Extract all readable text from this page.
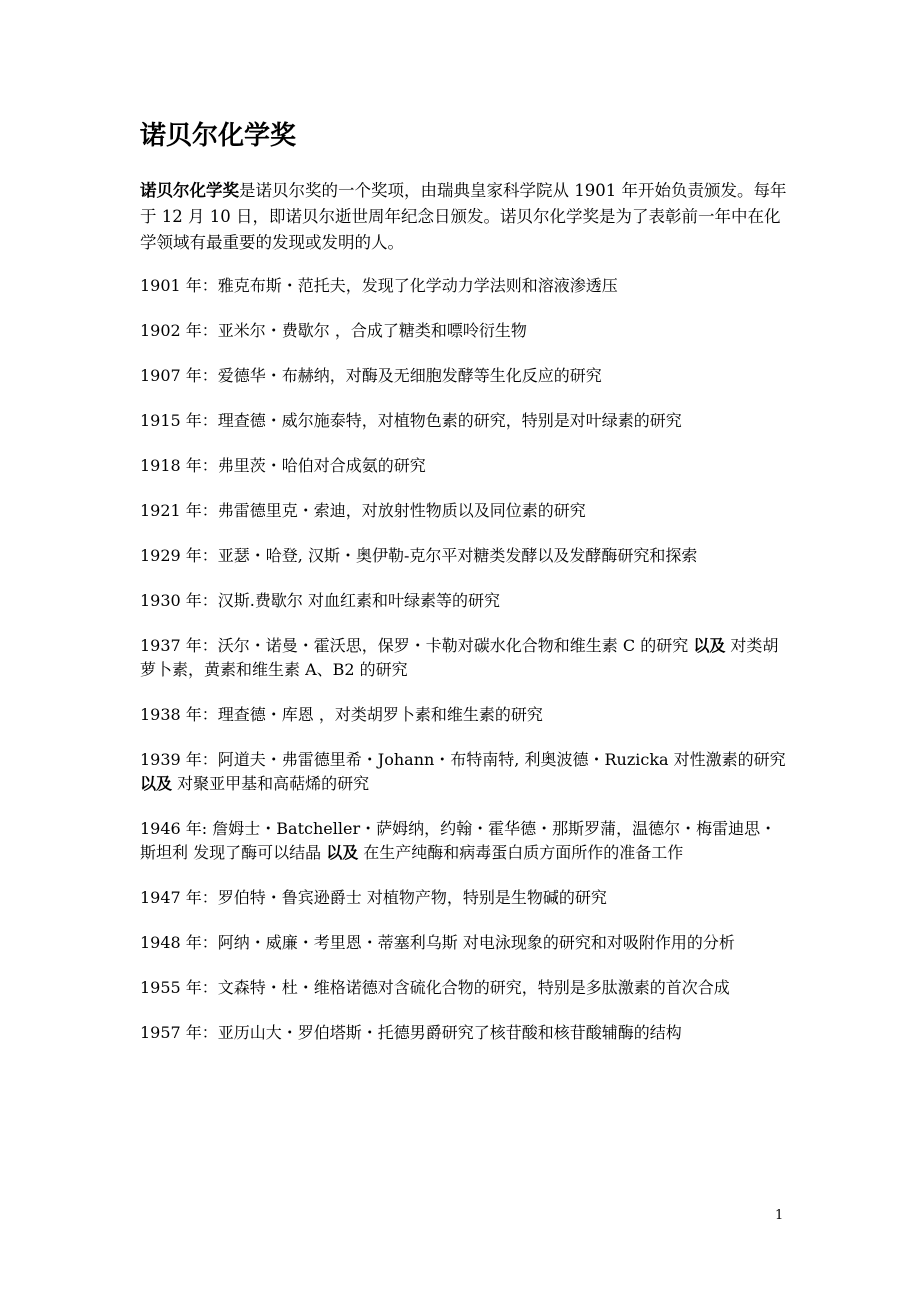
诺贝尔化学奖

诺贝尔化学奖是诺贝尔奖的一个奖项，由瑞典皇家科学院从 1901 年开始负责颁发。每年于 12 月 10 日，即诺贝尔逝世周年纪念日颁发。诺贝尔化学奖是为了表彰前一年中在化学领域有最重要的发现或发明的人。

1901 年：雅克布斯・范托夫，发现了化学动力学法则和溶液渗透压
1902 年：亚米尔・费歇尔 ，合成了糖类和嘌呤衍生物
1907 年：爱德华・布赫纳，对酶及无细胞发酵等生化反应的研究
1915 年：理查德・威尔施泰特，对植物色素的研究，特别是对叶绿素的研究
1918 年：弗里茨・哈伯对合成氨的研究
1921 年：弗雷德里克・索迪，对放射性物质以及同位素的研究
1929 年：亚瑟・哈登, 汉斯・奥伊勒-克尔平对糖类发酵以及发酵酶研究和探索
1930 年：汉斯.费歇尔 对血红素和叶绿素等的研究
1937 年：沃尔・诺曼・霍沃思，保罗・卡勒对碳水化合物和维生素 C 的研究 以及 对类胡萝卜素，黄素和维生素 A、B2 的研究
1938 年：理查德・库恩 ，对类胡罗卜素和维生素的研究
1939 年：阿道夫・弗雷德里希・Johann・布特南特, 利奥波德・Ruzicka 对性激素的研究 以及 对聚亚甲基和高萜烯的研究
1946 年: 詹姆士・Batcheller・萨姆纳，约翰・霍华德・那斯罗蒲，温德尔・梅雷迪思・斯坦利 发现了酶可以结晶 以及 在生产纯酶和病毒蛋白质方面所作的准备工作
1947 年：罗伯特・鲁宾逊爵士 对植物产物，特别是生物碱的研究
1948 年：阿纳・威廉・考里恩・蒂塞利乌斯 对电泳现象的研究和对吸附作用的分析
1955 年：文森特・杜・维格诺德对含硫化合物的研究，特别是多肽激素的首次合成
1957 年：亚历山大・罗伯塔斯・托德男爵研究了核苷酸和核苷酸辅酶的结构
1
